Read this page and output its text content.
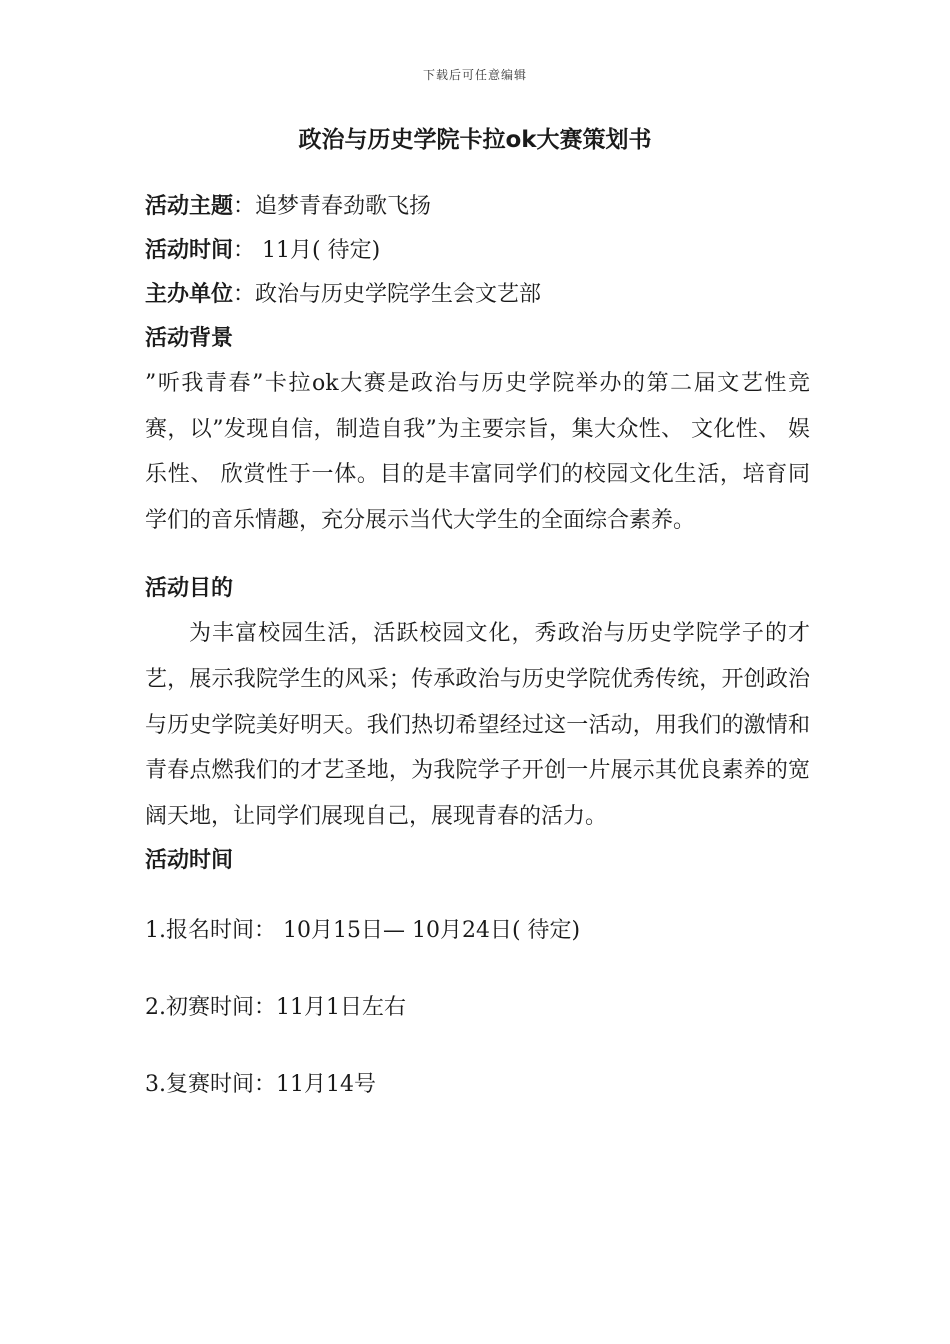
下载后可任意编辑
政治与历史学院卡拉ok大赛策划书
活动主题：追梦青春劲歌飞扬
活动时间： 11月( 待定)
主办单位：政治与历史学院学生会文艺部
活动背景
”听我青春”卡拉ok大赛是政治与历史学院举办的第二届文艺性竞赛，以”发现自信，制造自我”为主要宗旨，集大众性、 文化性、 娱乐性、 欣赏性于一体。目的是丰富同学们的校园文化生活，培育同学们的音乐情趣，充分展示当代大学生的全面综合素养。
活动目的
为丰富校园生活，活跃校园文化，秀政治与历史学院学子的才艺，展示我院学生的风采；传承政治与历史学院优秀传统，开创政治与历史学院美好明天。我们热切希望经过这一活动，用我们的激情和青春点燃我们的才艺圣地，为我院学子开创一片展示其优良素养的宽阔天地，让同学们展现自己，展现青春的活力。
活动时间
1.报名时间： 10月15日— 10月24日( 待定)
2.初赛时间：11月1日左右
3.复赛时间：11月14号
